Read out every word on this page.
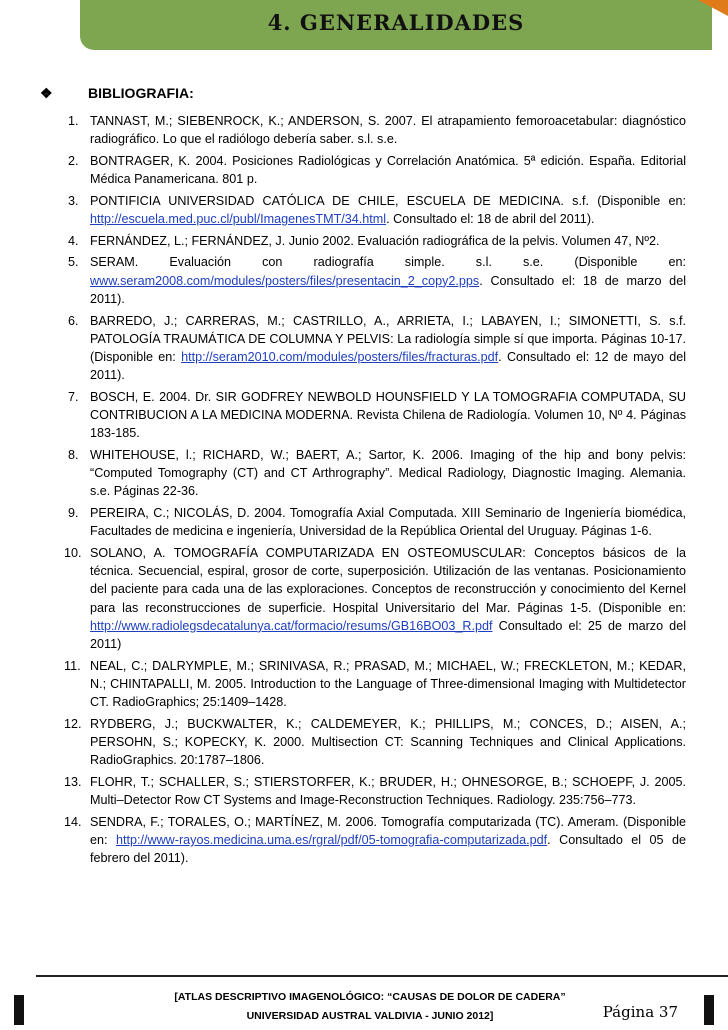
4. GENERALIDADES
❖	BIBLIOGRAFIA:
1. TANNAST, M.; SIEBENROCK, K.; ANDERSON, S. 2007. El atrapamiento femoroacetabular: diagnóstico radiográfico. Lo que el radiólogo debería saber. s.l. s.e.
2. BONTRAGER, K. 2004. Posiciones Radiológicas y Correlación Anatómica. 5ª edición. España. Editorial Médica Panamericana. 801 p.
3. PONTIFICIA UNIVERSIDAD CATÓLICA DE CHILE, ESCUELA DE MEDICINA. s.f. (Disponible en: http://escuela.med.puc.cl/publ/ImagenesTMT/34.html. Consultado el: 18 de abril del 2011).
4. FERNÁNDEZ, L.; FERNÁNDEZ, J. Junio 2002. Evaluación radiográfica de la pelvis. Volumen 47, Nº2.
5. SERAM. Evaluación con radiografía simple. s.l. s.e. (Disponible en: www.seram2008.com/modules/posters/files/presentacin_2_copy2.pps. Consultado el: 18 de marzo del 2011).
6. BARREDO, J.; CARRERAS, M.; CASTRILLO, A., ARRIETA, I.; LABAYEN, I.; SIMONETTI, S. s.f. PATOLOGÍA TRAUMÁTICA DE COLUMNA Y PELVIS: La radiología simple sí que importa. Páginas 10-17. (Disponible en: http://seram2010.com/modules/posters/files/fracturas.pdf. Consultado el: 12 de mayo del 2011).
7. BOSCH, E. 2004. Dr. SIR GODFREY NEWBOLD HOUNSFIELD Y LA TOMOGRAFIA COMPUTADA, SU CONTRIBUCION A LA MEDICINA MODERNA. Revista Chilena de Radiología. Volumen 10, Nº 4. Páginas 183-185.
8. WHITEHOUSE, l.; RICHARD, W.; BAERT, A.; Sartor, K. 2006. Imaging of the hip and bony pelvis: “Computed Tomography (CT) and CT Arthrography”. Medical Radiology, Diagnostic Imaging. Alemania. s.e. Páginas 22-36.
9. PEREIRA, C.; NICOLÁS, D. 2004. Tomografía Axial Computada. XIII Seminario de Ingeniería biomédica, Facultades de medicina e ingeniería, Universidad de la República Oriental del Uruguay. Páginas 1-6.
10. SOLANO, A. TOMOGRAFÍA COMPUTARIZADA EN OSTEOMUSCULAR: Conceptos básicos de la técnica. Secuencial, espiral, grosor de corte, superposición. Utilización de las ventanas. Posicionamiento del paciente para cada una de las exploraciones. Conceptos de reconstrucción y conocimiento del Kernel para las reconstrucciones de superficie. Hospital Universitario del Mar. Páginas 1-5. (Disponible en: http://www.radiolegsdecatalunya.cat/formacio/resums/GB16BO03_R.pdf Consultado el: 25 de marzo del 2011)
11. NEAL, C.; DALRYMPLE, M.; SRINIVASA, R.; PRASAD, M.; MICHAEL, W.; FRECKLETON, M.; KEDAR, N.; CHINTAPALLI, M. 2005. Introduction to the Language of Three-dimensional Imaging with Multidetector CT. RadioGraphics; 25:1409–1428.
12. RYDBERG, J.; BUCKWALTER, K.; CALDEMEYER, K.; PHILLIPS, M.; CONCES, D.; AISEN, A.; PERSOHN, S.; KOPECKY, K. 2000. Multisection CT: Scanning Techniques and Clinical Applications. RadioGraphics. 20:1787–1806.
13. FLOHR, T.; SCHALLER, S.; STIERSTORFER, K.; BRUDER, H.; OHNESORGE, B.; SCHOEPF, J. 2005. Multi–Detector Row CT Systems and Image-Reconstruction Techniques. Radiology. 235:756–773.
14. SENDRA, F.; TORALES, O.; MARTÍNEZ, M. 2006. Tomografía computarizada (TC). Ameram. (Disponible en: http://www-rayos.medicina.uma.es/rgral/pdf/05-tomografia-computarizada.pdf. Consultado el 05 de febrero del 2011).
[ATLAS DESCRIPTIVO IMAGENOLÓGICO: “CAUSAS DE DOLOR DE CADERA”
UNIVERSIDAD AUSTRAL VALDIVIA - JUNIO 2012]	Página 37
